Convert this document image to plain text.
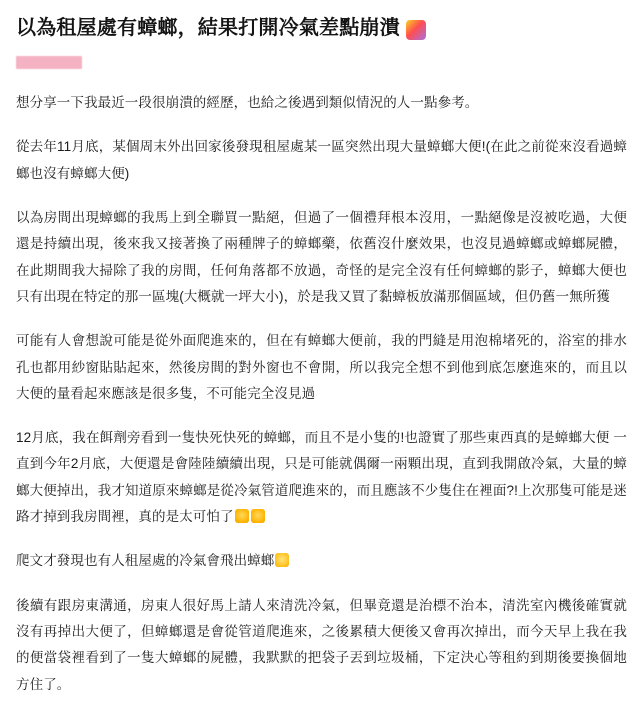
以為租屋處有蟑螂，結果打開冷氣差點崩潰

想分享一下我最近一段很崩潰的經歷，也給之後遇到類似情況的人一點參考。

從去年11月底，某個周末外出回家後發現租屋處某一區突然出現大量蟑螂大便!(在此之前從來沒看過蟑螂也沒有蟑螂大便)

以為房間出現蟑螂的我馬上到全聯買一點絕，但過了一個禮拜根本沒用，一點絕像是沒被吃過，大便還是持續出現，後來我又接著換了兩種牌子的蟑螂藥，依舊沒什麼效果，也沒見過蟑螂或蟑螂屍體，在此期間我大掃除了我的房間，任何角落都不放過，奇怪的是完全沒有任何蟑螂的影子，蟑螂大便也只有出現在特定的那一區塊(大概就一坪大小)，於是我又買了黏蟑板放滿那個區域，但仍舊一無所獲

可能有人會想說可能是從外面爬進來的，但在有蟑螂大便前，我的門縫是用泡棉堵死的，浴室的排水孔也都用紗窗貼貼起來，然後房間的對外窗也不會開，所以我完全想不到他到底怎麼進來的，而且以大便的量看起來應該是很多隻，不可能完全沒見過

12月底，我在餌劑旁看到一隻快死快死的蟑螂，而且不是小隻的!也證實了那些東西真的是蟑螂大便 一直到今年2月底，大便還是會陸陸續續出現，只是可能就偶爾一兩顆出現，直到我開啟冷氣，大量的蟑螂大便掉出，我才知道原來蟑螂是從冷氣管道爬進來的，而且應該不少隻住在裡面?!上次那隻可能是迷路才掉到我房間裡，真的是太可怕了

爬文才發現也有人租屋處的冷氣會飛出蟑螂

後續有跟房東溝通，房東人很好馬上請人來清洗冷氣，但畢竟還是治標不治本，清洗室內機後確實就沒有再掉出大便了，但蟑螂還是會從管道爬進來，之後累積大便後又會再次掉出，而今天早上我在我的便當袋裡看到了一隻大蟑螂的屍體，我默默的把袋子丟到垃圾桶，下定決心等租約到期後要換個地方住了。
